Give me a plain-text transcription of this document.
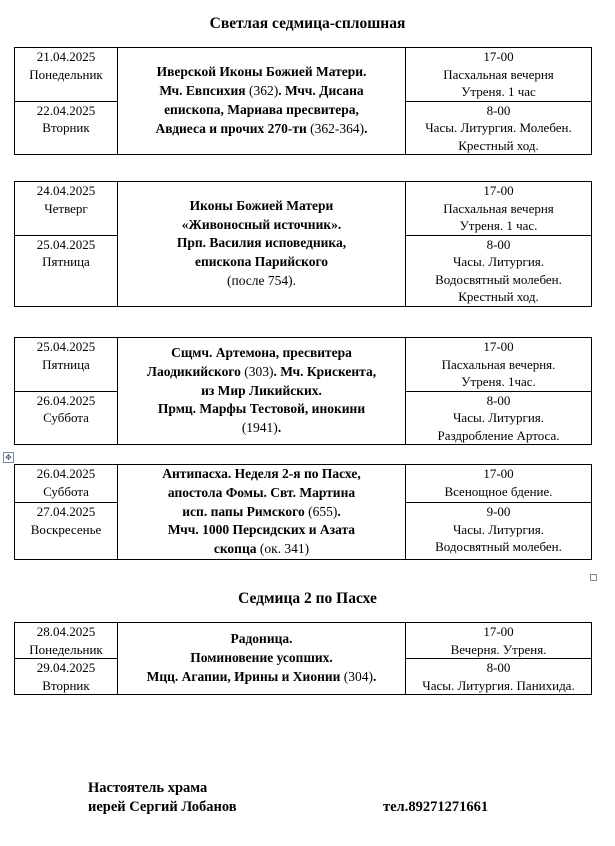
Светлая седмица-сплошная
21.04.2025
Понедельник	Иверской Иконы Божией Матери.
Мч. Евпсихия (362). Мчч. Дисана
епископа, Мариава пресвитера,
Авдиеса и прочих 270-ти (362-364).	17-00
Пасхальная вечерня
Утреня. 1 час

22.04.2025
Вторник		8-00
Часы. Литургия. Молебен.
Крестный ход.
24.04.2025
Четверг	Иконы Божией Матери
«Живоносный источник».
Прп. Василия исповедника,
епископа Парийского
(после 754).	17-00
Пасхальная вечерня
Утреня. 1 час.

25.04.2025
Пятница		8-00
Часы. Литургия.
Водосвятный молебен.
Крестный ход.
25.04.2025
Пятница	Сщмч. Артемона, пресвитера
Лаодикийского (303). Мч. Крискента,
из Мир Ликийских.
Прмц. Марфы Тестовой, инокини
(1941).	17-00
Пасхальная вечерня.
Утреня. 1час.

26.04.2025
Суббота		8-00
Часы. Литургия.
Раздробление Артоса.
✥
26.04.2025
Суббота	Антипасха. Неделя 2-я по Пасхе,
апостола Фомы. Свт. Мартина
исп. папы Римского (655).
Мчч. 1000 Персидских и Азата
скопца (ок. 341)	17-00
Всенощное бдение.

27.04.2025
Воскресенье		9-00
Часы. Литургия.
Водосвятный молебен.
Седмица 2 по Пасхе
28.04.2025
Понедельник	Радоница.
Поминовение усопших.
Мцц. Агапии, Ирины и Хионии (304).	17-00
Вечерня. Утреня.

29.04.2025
Вторник		8-00
Часы. Литургия. Панихида.
Настоятель храма
иерей Сергий Лобанов	тел.89271271661
